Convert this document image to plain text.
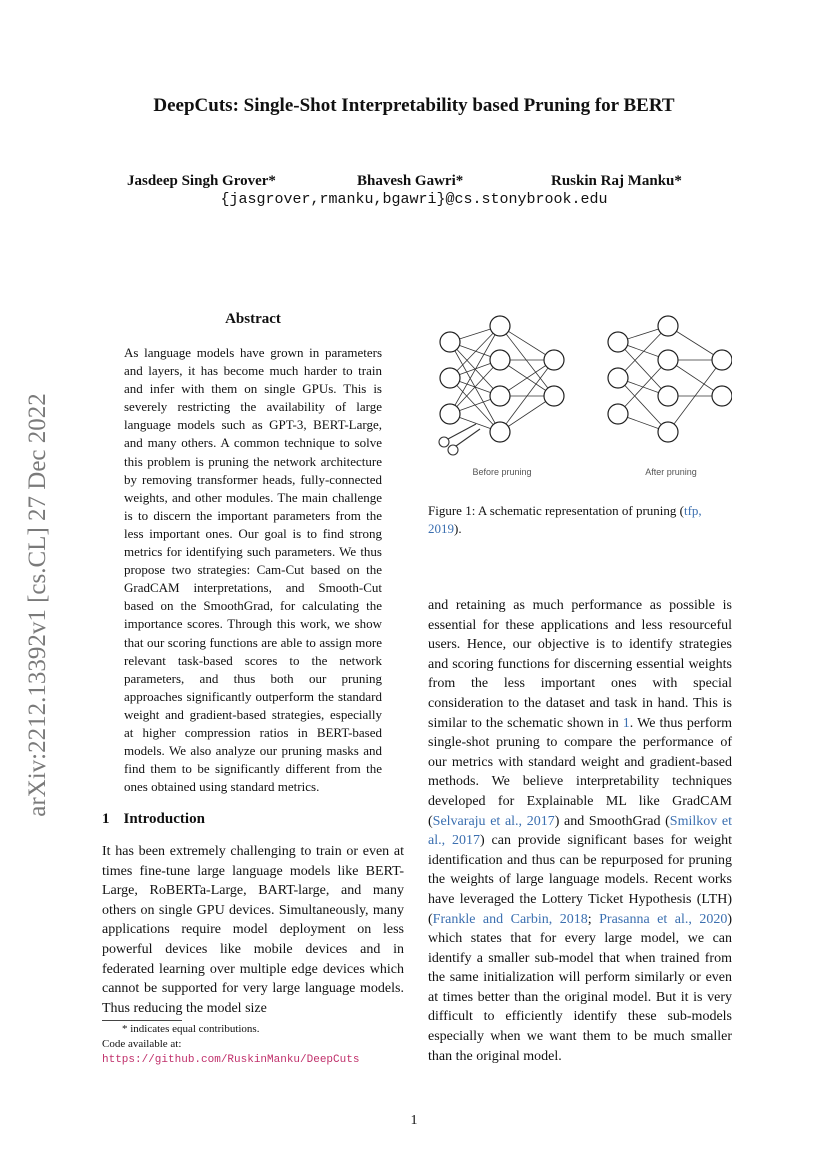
DeepCuts: Single-Shot Interpretability based Pruning for BERT
Jasdeep Singh Grover*	Bhavesh Gawri*	Ruskin Raj Manku*
{jasgrover,rmanku,bgawri}@cs.stonybrook.edu
arXiv:2212.13392v1 [cs.CL] 27 Dec 2022
Abstract
As language models have grown in parameters and layers, it has become much harder to train and infer with them on single GPUs. This is severely restricting the availability of large language models such as GPT-3, BERT-Large, and many others. A common technique to solve this problem is pruning the network architecture by removing transformer heads, fully-connected weights, and other modules. The main challenge is to discern the important parameters from the less important ones. Our goal is to find strong metrics for identifying such parameters. We thus propose two strategies: Cam-Cut based on the GradCAM interpretations, and Smooth-Cut based on the SmoothGrad, for calculating the importance scores. Through this work, we show that our scoring functions are able to assign more relevant task-based scores to the network parameters, and thus both our pruning approaches significantly outperform the standard weight and gradient-based strategies, especially at higher compression ratios in BERT-based models. We also analyze our pruning masks and find them to be significantly different from the ones obtained using standard metrics.
1 Introduction
It has been extremely challenging to train or even at times fine-tune large language models like BERT-Large, RoBERTa-Large, BART-large, and many others on single GPU devices. Simultaneously, many applications require model deployment on less powerful devices like mobile devices and in federated learning over multiple edge devices which cannot be supported for very large language models. Thus reducing the model size
* indicates equal contributions.
Code available at: https://github.com/RuskinManku/DeepCuts
Before pruning	After pruning
Figure 1: A schematic representation of pruning (tfp, 2019).
and retaining as much performance as possible is essential for these applications and less resourceful users. Hence, our objective is to identify strategies and scoring functions for discerning essential weights from the less important ones with special consideration to the dataset and task in hand. This is similar to the schematic shown in 1. We thus perform single-shot pruning to compare the performance of our metrics with standard weight and gradient-based methods. We believe interpretability techniques developed for Explainable ML like GradCAM (Selvaraju et al., 2017) and SmoothGrad (Smilkov et al., 2017) can provide significant bases for weight identification and thus can be repurposed for pruning the weights of large language models. Recent works have leveraged the Lottery Ticket Hypothesis (LTH) (Frankle and Carbin, 2018; Prasanna et al., 2020) which states that for every large model, we can identify a smaller sub-model that when trained from the same initialization will perform similarly or even at times better than the original model. But it is very difficult to efficiently identify these sub-models especially when we want them to be much smaller than the original model.
1
